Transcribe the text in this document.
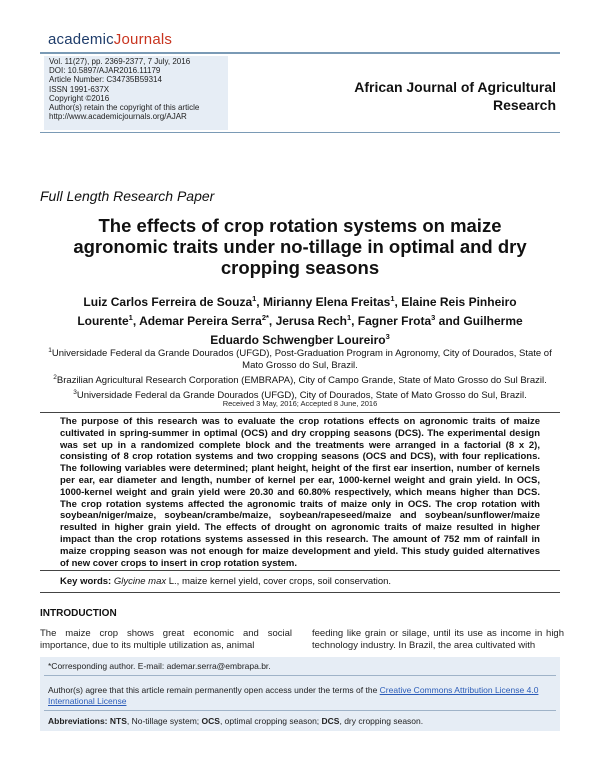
academicJournals
Vol. 11(27), pp. 2369-2377, 7 July, 2016
DOI: 10.5897/AJAR2016.11179
Article Number: C34735B59314
ISSN 1991-637X
Copyright ©2016
Author(s) retain the copyright of this article
http://www.academicjournals.org/AJAR
African Journal of Agricultural Research
Full Length Research Paper
The effects of crop rotation systems on maize agronomic traits under no-tillage in optimal and dry cropping seasons
Luiz Carlos Ferreira de Souza$^1$, Mirianny Elena Freitas$^1$, Elaine Reis Pinheiro Lourente$^1$, Ademar Pereira Serra$^{2*}$, Jerusa Rech$^1$, Fagner Frota$^3$ and Guilherme Eduardo Schwengber Loureiro$^3$
$^1$Universidade Federal da Grande Dourados (UFGD), Post-Graduation Program in Agronomy, City of Dourados, State of Mato Grosso do Sul, Brazil.
$^2$Brazilian Agricultural Research Corporation (EMBRAPA), City of Campo Grande, State of Mato Grosso do Sul Brazil.
$^3$Universidade Federal da Grande Dourados (UFGD), City of Dourados, State of Mato Grosso do Sul, Brazil.
Received 3 May, 2016; Accepted 8 June, 2016
The purpose of this research was to evaluate the crop rotations effects on agronomic traits of maize cultivated in spring-summer in optimal (OCS) and dry cropping seasons (DCS). The experimental design was set up in a randomized complete block and the treatments were arranged in a factorial (8 x 2), consisting of 8 crop rotation systems and two cropping seasons (OCS and DCS), with four replications. The following variables were determined; plant height, height of the first ear insertion, number of kernels per ear, ear diameter and length, number of kernel per ear, 1000-kernel weight and grain yield. In OCS, 1000-kernel weight and grain yield were 20.30 and 60.80% respectively, which means higher than DCS. The crop rotation systems affected the agronomic traits of maize only in OCS. The crop rotation with soybean/niger/maize, soybean/crambe/maize, soybean/rapeseed/maize and soybean/sunflower/maize resulted in higher grain yield. The effects of drought on agronomic traits of maize resulted in higher impact than the crop rotations systems assessed in this research. The amount of 752 mm of rainfall in maize cropping season was not enough for maize development and yield. This study guided alternatives of new cover crops to insert in crop rotation system.
Key words: Glycine max L., maize kernel yield, cover crops, soil conservation.
INTRODUCTION
The maize crop shows great economic and social importance, due to its multiple utilization as, animal
feeding like grain or silage, until its use as income in high technology industry. In Brazil, the area cultivated with
*Corresponding author. E-mail: ademar.serra@embrapa.br.
Author(s) agree that this article remain permanently open access under the terms of the Creative Commons Attribution License 4.0 International License
Abbreviations: NTS, No-tillage system; OCS, optimal cropping season; DCS, dry cropping season.
